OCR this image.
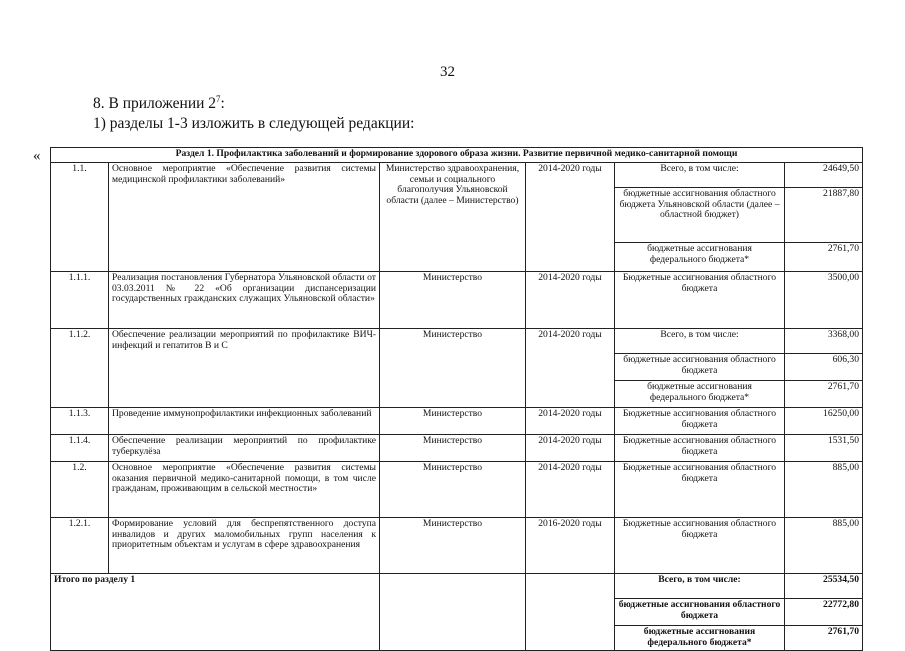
32
8. В приложении $2^7$:
1) разделы 1-3 изложить в следующей редакции:
«	Раздел 1. Профилактика заболеваний и формирование здорового образа жизни. Развитие первичной медико-санитарной помощи					
1.1.	Основное мероприятие «Обеспечение развития системы медицинской профилактики заболеваний»	Министерство здравоохранения, семьи и социального благополучия Ульяновской области (далее – Министерство)	2014-2020 годы	Всего, в том числе:	24649,50
				бюджетные ассигнования областного бюджета Ульяновской области (далее – областной бюджет)	21887,80
				бюджетные ассигнования федерального бюджета*	2761,70
1.1.1.	Реализация постановления Губернатора Ульяновской области от 03.03.2011 № 22 «Об организации диспансеризации государственных гражданских служащих Ульяновской области»	Министерство	2014-2020 годы	Бюджетные ассигнования областного бюджета	3500,00
1.1.2.	Обеспечение реализации мероприятий по профилактике ВИЧ-инфекций и гепатитов В и С	Министерство	2014-2020 годы	Всего, в том числе:	3368,00
				бюджетные ассигнования областного бюджета	606,30
				бюджетные ассигнования федерального бюджета*	2761,70
1.1.3.	Проведение иммунопрофилактики инфекционных заболеваний	Министерство	2014-2020 годы	Бюджетные ассигнования областного бюджета	16250,00
1.1.4.	Обеспечение реализации мероприятий по профилактике туберкулёза	Министерство	2014-2020 годы	Бюджетные ассигнования областного бюджета	1531,50
1.2.	Основное мероприятие «Обеспечение развития системы оказания первичной медико-санитарной помощи, в том числе гражданам, проживающим в сельской местности»	Министерство	2014-2020 годы	Бюджетные ассигнования областного бюджета	885,00
1.2.1.	Формирование условий для беспрепятственного доступа инвалидов и других маломобильных групп населения к приоритетным объектам и услугам в сфере здравоохранения	Министерство	2016-2020 годы	Бюджетные ассигнования областного бюджета	885,00
Итого по разделу 1				Всего, в том числе:	25534,50
				бюджетные ассигнования областного бюджета	22772,80
				бюджетные ассигнования федерального бюджета*	2761,70
